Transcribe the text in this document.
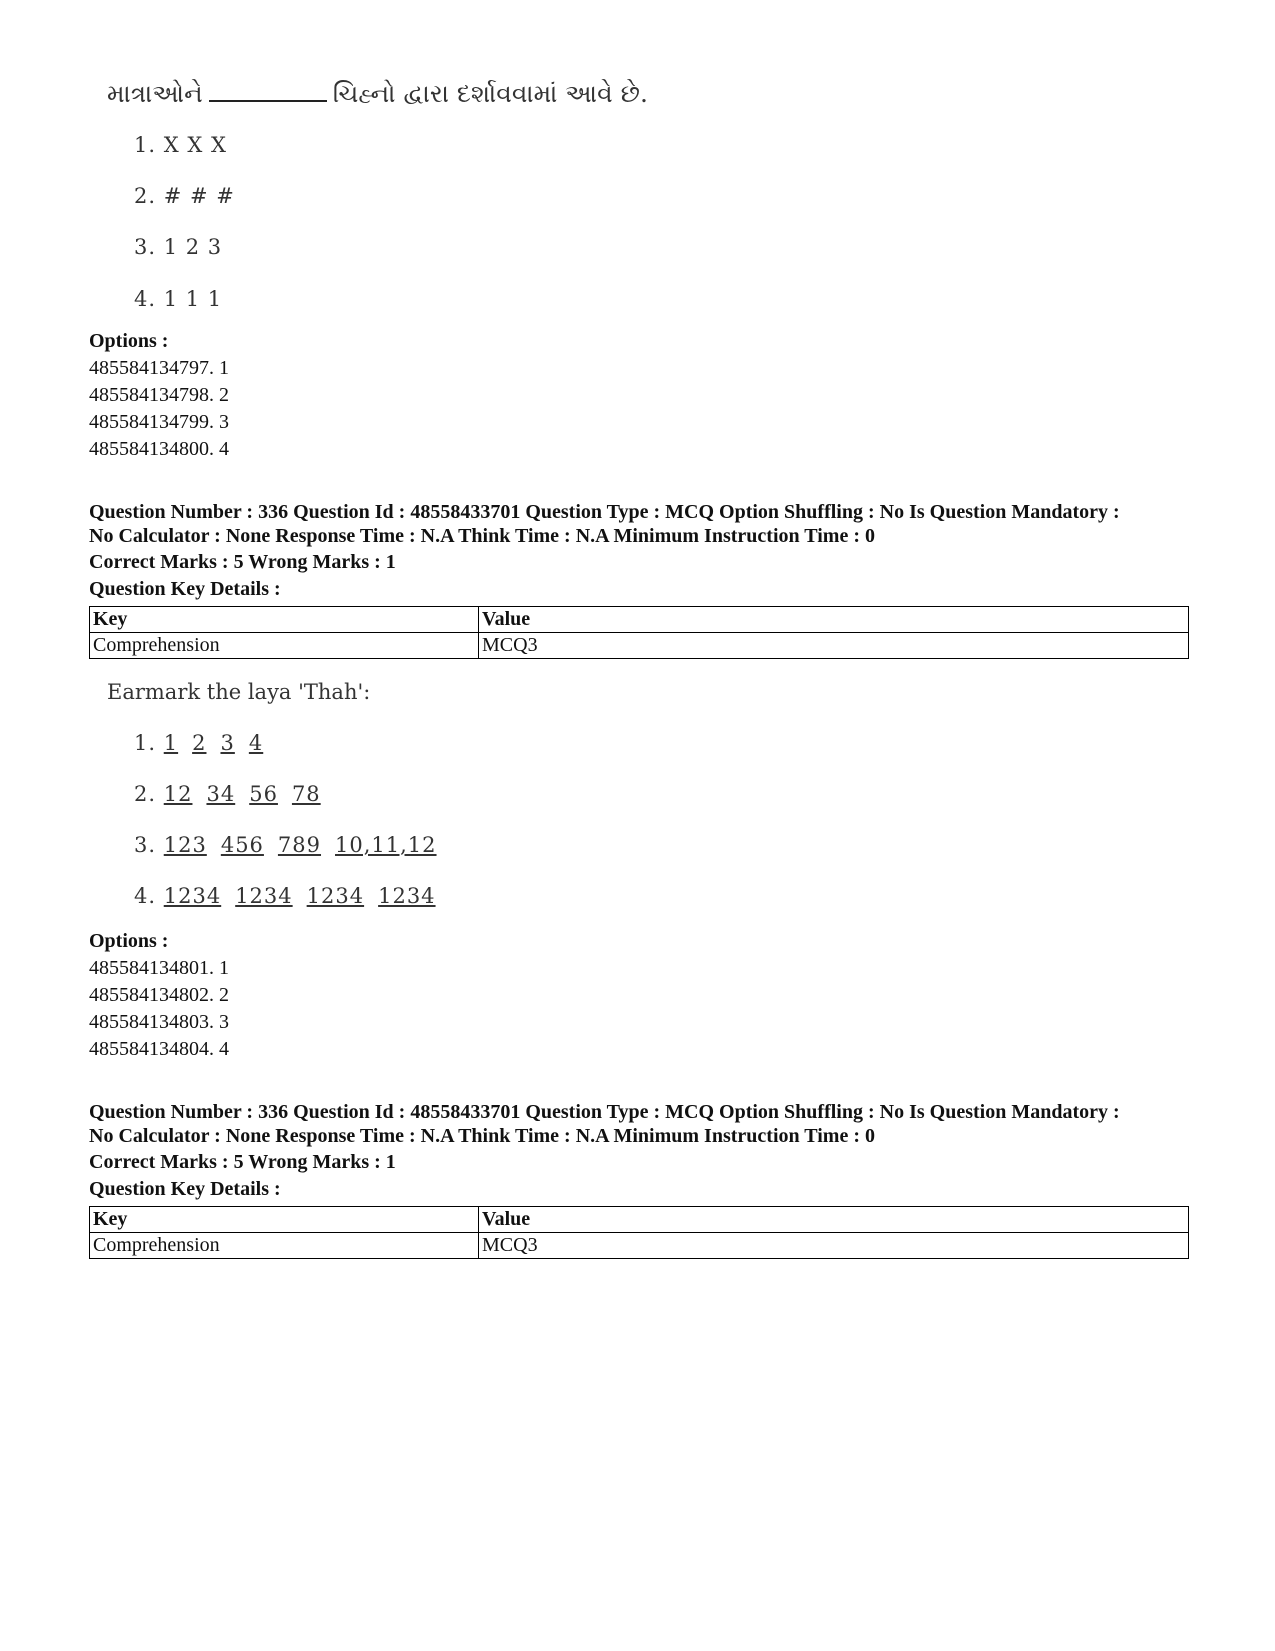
માત્રાઓને	ચિહ્નો દ્વારા દર્શાવવામાં આવે છે.
1. X X X
2. # # #
3. 1 2 3
4. 1 1 1
Options :
485584134797. 1
485584134798. 2
485584134799. 3
485584134800. 4
Question Number : 336 Question Id : 48558433701 Question Type : MCQ Option Shuffling : No Is Question Mandatory :
No Calculator : None Response Time : N.A Think Time : N.A Minimum Instruction Time : 0
Correct Marks : 5 Wrong Marks : 1
Question Key Details :
Key	Value
Comprehension	MCQ3
Earmark the laya 'Thah':
1. 1 2 3 4
2. 12 34 56 78
3. 123 456 789 10,11,12
4. 1234 1234 1234 1234
Options :
485584134801. 1
485584134802. 2
485584134803. 3
485584134804. 4
Question Number : 336 Question Id : 48558433701 Question Type : MCQ Option Shuffling : No Is Question Mandatory :
No Calculator : None Response Time : N.A Think Time : N.A Minimum Instruction Time : 0
Correct Marks : 5 Wrong Marks : 1
Question Key Details :
Key	Value
Comprehension	MCQ3
